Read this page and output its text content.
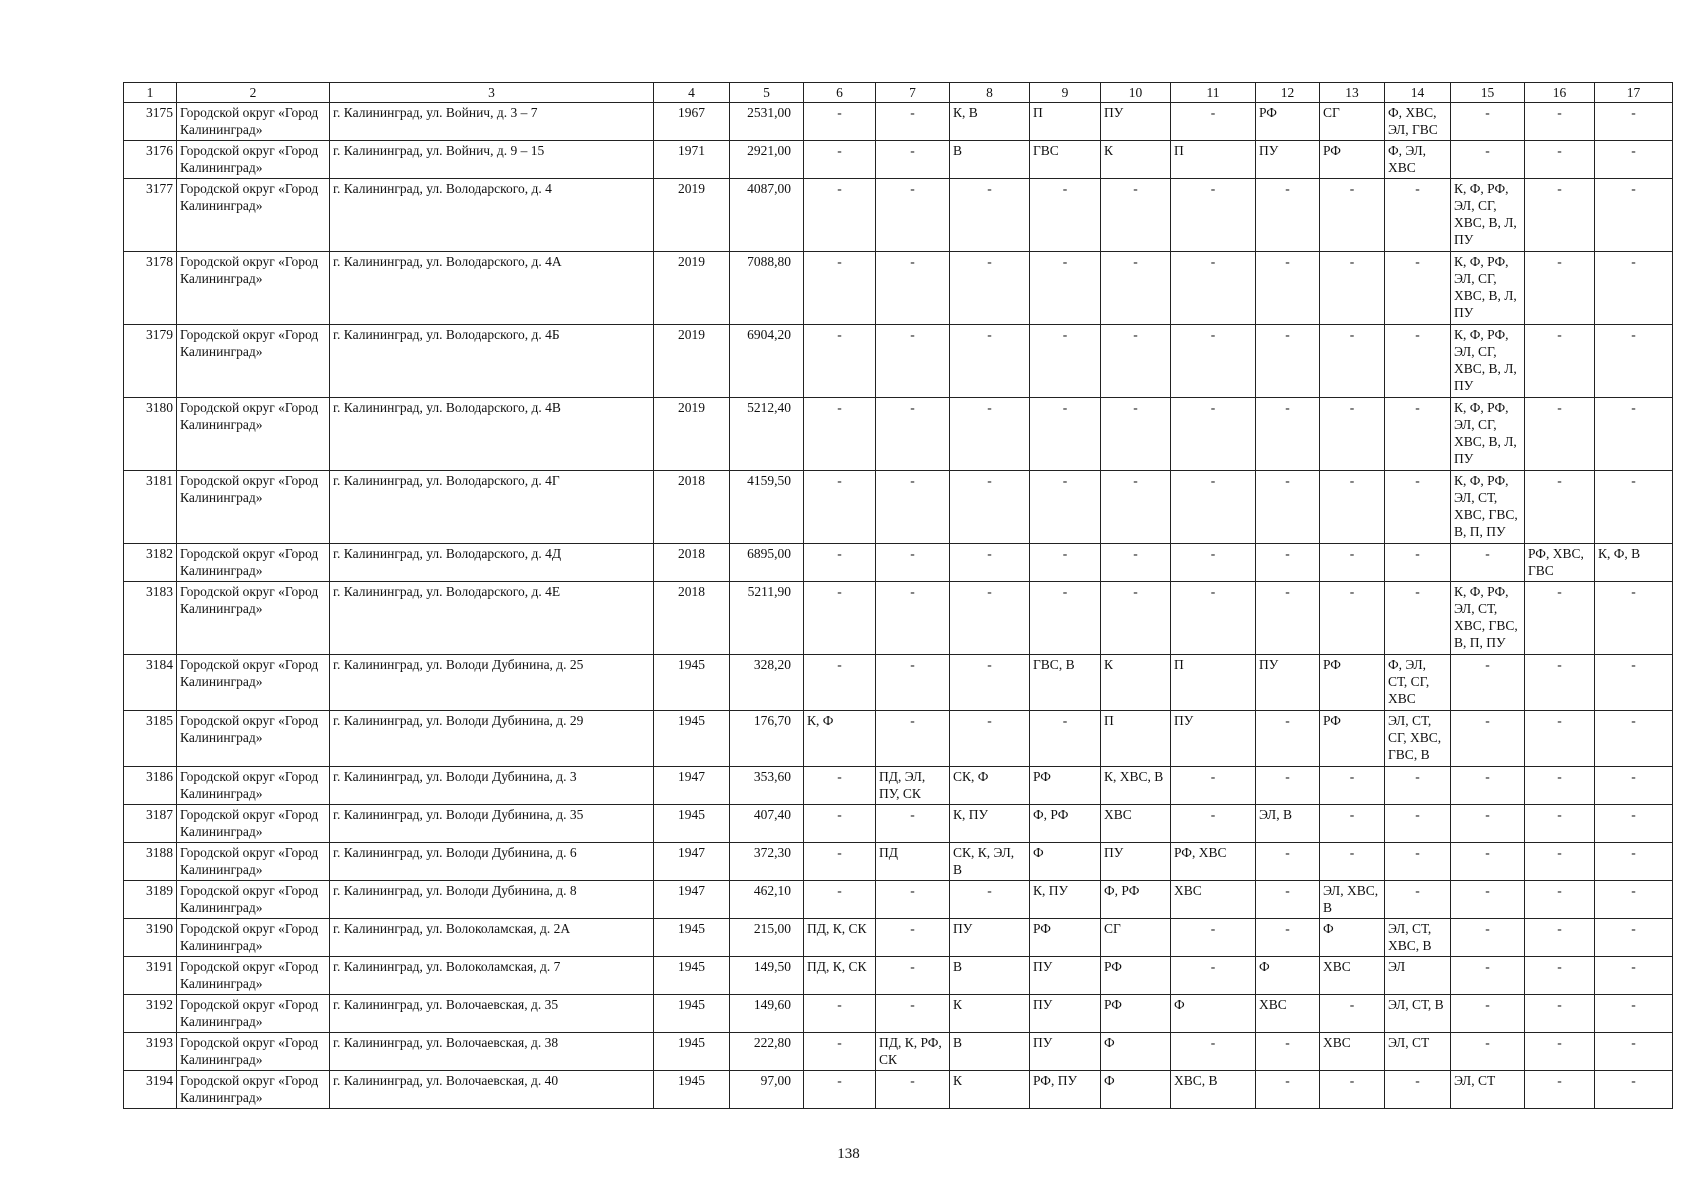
1	2	3	4	5	6	7	8	9	10	11	12	13	14	15	16	17
3175	Городской округ «Город Калининград»	г. Калининград, ул. Войнич, д. 3 – 7	1967	2531,00	-	-	К, В	П	ПУ	-	РФ	СГ	Ф, ХВС, ЭЛ, ГВС	-	-	-
3176	Городской округ «Город Калининград»	г. Калининград, ул. Войнич, д. 9 – 15	1971	2921,00	-	-	В	ГВС	К	П	ПУ	РФ	Ф, ЭЛ, ХВС	-	-	-
3177	Городской округ «Город Калининград»	г. Калининград, ул. Володарского, д. 4	2019	4087,00	-	-	-	-	-	-	-	-	-	К, Ф, РФ, ЭЛ, СГ, ХВС, В, Л, ПУ	-	-
3178	Городской округ «Город Калининград»	г. Калининград, ул. Володарского, д. 4А	2019	7088,80	-	-	-	-	-	-	-	-	-	К, Ф, РФ, ЭЛ, СГ, ХВС, В, Л, ПУ	-	-
3179	Городской округ «Город Калининград»	г. Калининград, ул. Володарского, д. 4Б	2019	6904,20	-	-	-	-	-	-	-	-	-	К, Ф, РФ, ЭЛ, СГ, ХВС, В, Л, ПУ	-	-
3180	Городской округ «Город Калининград»	г. Калининград, ул. Володарского, д. 4В	2019	5212,40	-	-	-	-	-	-	-	-	-	К, Ф, РФ, ЭЛ, СГ, ХВС, В, Л, ПУ	-	-
3181	Городской округ «Город Калининград»	г. Калининград, ул. Володарского, д. 4Г	2018	4159,50	-	-	-	-	-	-	-	-	-	К, Ф, РФ, ЭЛ, СТ, ХВС, ГВС, В, П, ПУ	-	-
3182	Городской округ «Город Калининград»	г. Калининград, ул. Володарского, д. 4Д	2018	6895,00	-	-	-	-	-	-	-	-	-	-	РФ, ХВС, ГВС	К, Ф, В
3183	Городской округ «Город Калининград»	г. Калининград, ул. Володарского, д. 4Е	2018	5211,90	-	-	-	-	-	-	-	-	-	К, Ф, РФ, ЭЛ, СТ, ХВС, ГВС, В, П, ПУ	-	-
3184	Городской округ «Город Калининград»	г. Калининград, ул. Володи Дубинина, д. 25	1945	328,20	-	-	-	ГВС, В	К	П	ПУ	РФ	Ф, ЭЛ, СТ, СГ, ХВС	-	-	-
3185	Городской округ «Город Калининград»	г. Калининград, ул. Володи Дубинина, д. 29	1945	176,70	К, Ф	-	-	-	П	ПУ	-	РФ	ЭЛ, СТ, СГ, ХВС, ГВС, В	-	-	-
3186	Городской округ «Город Калининград»	г. Калининград, ул. Володи Дубинина, д. 3	1947	353,60	-	ПД, ЭЛ, ПУ, СК	СК, Ф	РФ	К, ХВС, В	-	-	-	-	-	-	-
3187	Городской округ «Город Калининград»	г. Калининград, ул. Володи Дубинина, д. 35	1945	407,40	-	-	К, ПУ	Ф, РФ	ХВС	-	ЭЛ, В	-	-	-	-	-
3188	Городской округ «Город Калининград»	г. Калининград, ул. Володи Дубинина, д. 6	1947	372,30	-	ПД	СК, К, ЭЛ, В	Ф	ПУ	РФ, ХВС	-	-	-	-	-	-
3189	Городской округ «Город Калининград»	г. Калининград, ул. Володи Дубинина, д. 8	1947	462,10	-	-	-	К, ПУ	Ф, РФ	ХВС	-	ЭЛ, ХВС, В	-	-	-	-
3190	Городской округ «Город Калининград»	г. Калининград, ул. Волоколамская, д. 2А	1945	215,00	ПД, К, СК	-	ПУ	РФ	СГ	-	-	Ф	ЭЛ, СТ, ХВС, В	-	-	-
3191	Городской округ «Город Калининград»	г. Калининград, ул. Волоколамская, д. 7	1945	149,50	ПД, К, СК	-	В	ПУ	РФ	-	Ф	ХВС	ЭЛ	-	-	-
3192	Городской округ «Город Калининград»	г. Калининград, ул. Волочаевская, д. 35	1945	149,60	-	-	К	ПУ	РФ	Ф	ХВС	-	ЭЛ, СТ, В	-	-	-
3193	Городской округ «Город Калининград»	г. Калининград, ул. Волочаевская, д. 38	1945	222,80	-	ПД, К, РФ, СК	В	ПУ	Ф	-	-	ХВС	ЭЛ, СТ	-	-	-
3194	Городской округ «Город Калининград»	г. Калининград, ул. Волочаевская, д. 40	1945	97,00	-	-	К	РФ, ПУ	Ф	ХВС, В	-	-	-	ЭЛ, СТ	-	-
138
